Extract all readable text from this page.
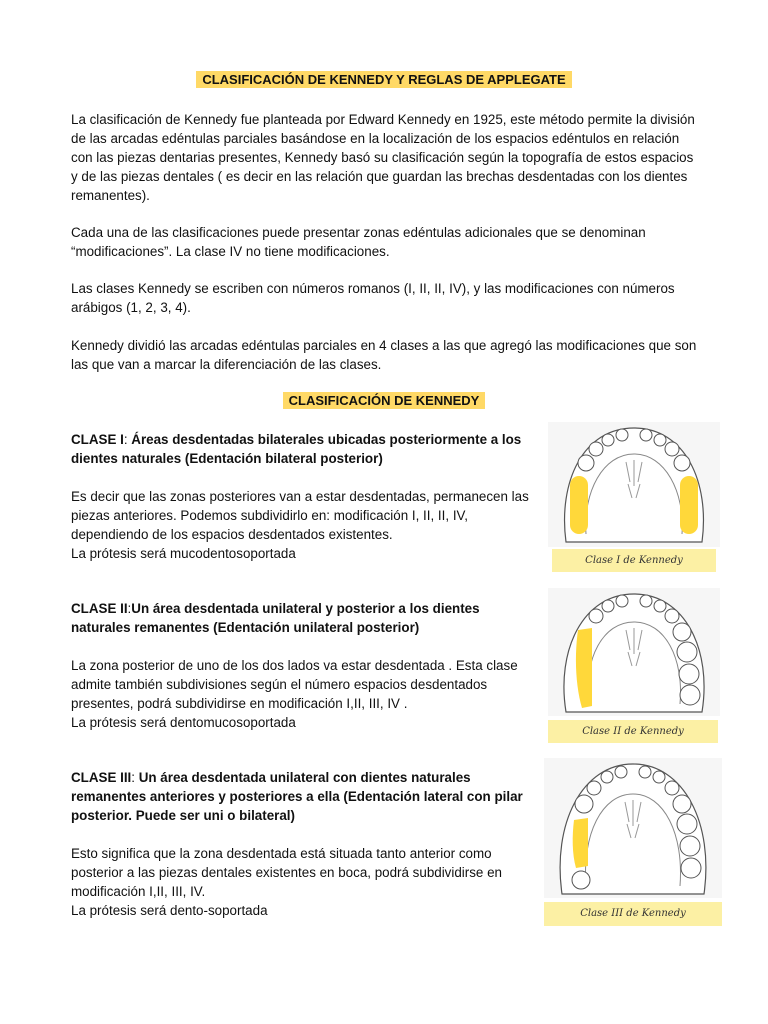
CLASIFICACIÓN DE KENNEDY Y REGLAS DE APPLEGATE

La clasificación de Kennedy fue planteada por Edward Kennedy en 1925, este método permite la división de las arcadas edéntulas parciales basándose en la localización de los espacios edéntulos en relación con las piezas dentarias presentes, Kennedy basó su clasificación según la topografía de estos espacios y de las piezas dentales ( es decir en las relación que guardan las brechas desdentadas con los dientes remanentes).

Cada una de las clasificaciones puede presentar zonas edéntulas adicionales que se denominan “modificaciones”. La clase IV no tiene modificaciones.

Las clases Kennedy se escriben con números romanos (I, II, II, IV), y las modificaciones con números arábigos (1, 2, 3, 4).

Kennedy dividió las arcadas edéntulas parciales en 4 clases a las que agregó las modificaciones que son las que van a marcar la diferenciación de las clases.

CLASIFICACIÓN DE KENNEDY

CLASE I: Áreas desdentadas bilaterales ubicadas posteriormente a los dientes naturales (Edentación bilateral posterior)

Es decir que las zonas posteriores van a estar desdentadas, permanecen las piezas anteriores. Podemos subdividirlo en: modificación I, II, II, IV, dependiendo de los espacios desdentados existentes.

La prótesis será mucodentosoportada	Clase I de Kennedy

CLASE II:Un área desdentada unilateral y posterior a los dientes naturales remanentes (Edentación unilateral posterior)

La zona posterior de uno de los dos lados va estar desdentada . Esta clase admite también subdivisiones según el número espacios desdentados presentes, podrá subdividirse en modificación I,II, III, IV .

La prótesis será dentomucosoportada

Clase II de Kennedy

CLASE III: Un área desdentada unilateral con dientes naturales remanentes anteriores y posteriores a ella (Edentación lateral con pilar posterior. Puede ser uni o bilateral)

Esto significa que la zona desdentada está situada tanto anterior como posterior a las piezas dentales existentes en boca, podrá subdividirse en modificación I,II, III, IV.

La prótesis será dento-soportada	Clase III de Kennedy
